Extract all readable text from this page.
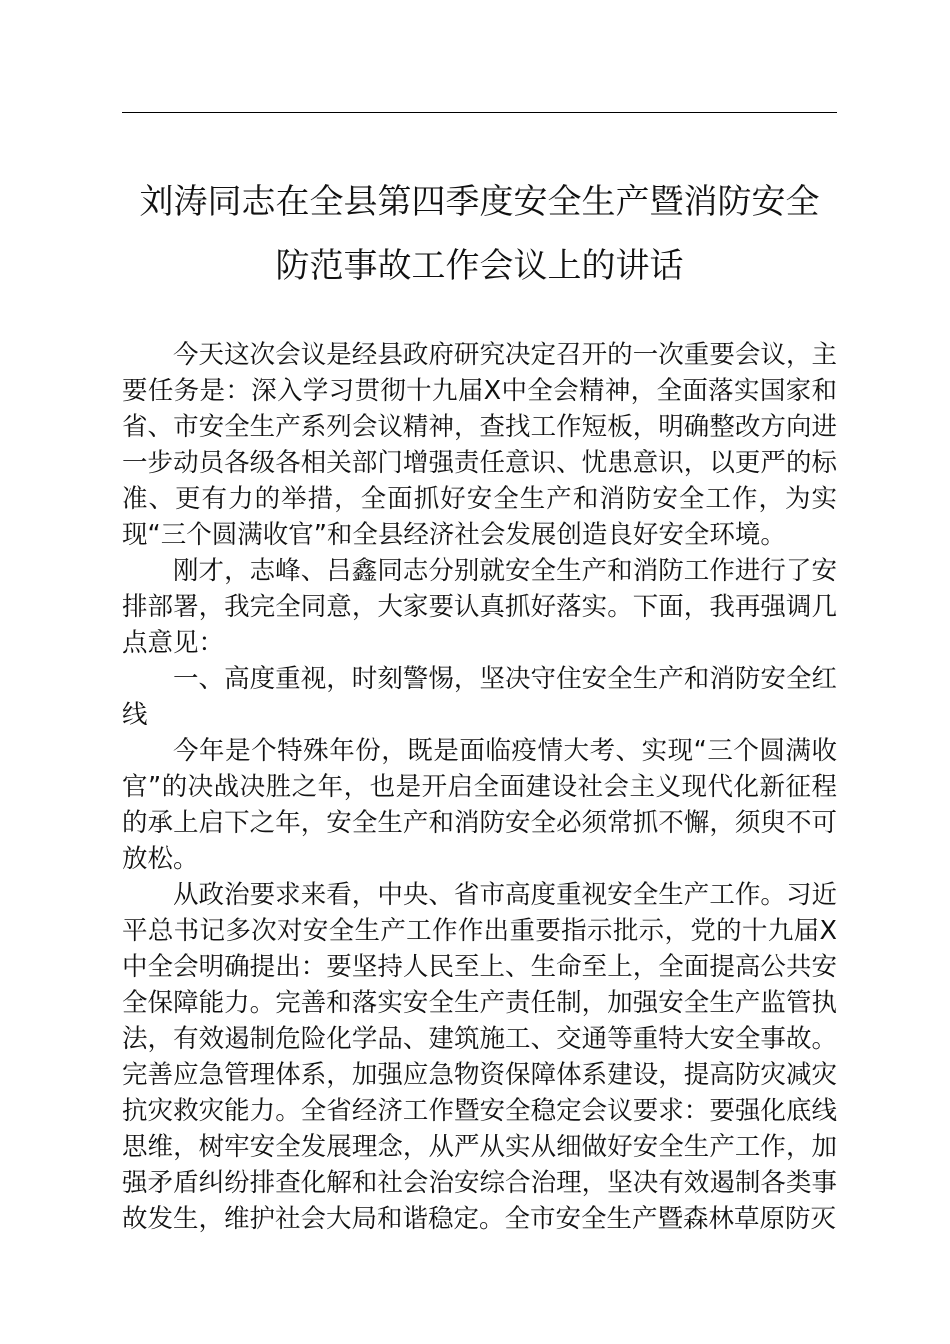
刘涛同志在全县第四季度安全生产暨消防安全
防范事故工作会议上的讲话

今天这次会议是经县政府研究决定召开的一次重要会议，主要任务是：深入学习贯彻十九届X中全会精神，全面落实国家和省、市安全生产系列会议精神，查找工作短板，明确整改方向进一步动员各级各相关部门增强责任意识、忧患意识，以更严的标准、更有力的举措，全面抓好安全生产和消防安全工作，为实现“三个圆满收官”和全县经济社会发展创造良好安全环境。

刚才，志峰、吕鑫同志分别就安全生产和消防工作进行了安排部署，我完全同意，大家要认真抓好落实。下面，我再强调几点意见：

一、高度重视，时刻警惕，坚决守住安全生产和消防安全红线

今年是个特殊年份，既是面临疫情大考、实现“三个圆满收官”的决战决胜之年，也是开启全面建设社会主义现代化新征程的承上启下之年，安全生产和消防安全必须常抓不懈，须臾不可放松。

从政治要求来看，中央、省市高度重视安全生产工作。习近平总书记多次对安全生产工作作出重要指示批示，党的十九届X中全会明确提出：要坚持人民至上、生命至上，全面提高公共安全保障能力。完善和落实安全生产责任制，加强安全生产监管执法，有效遏制危险化学品、建筑施工、交通等重特大安全事故。完善应急管理体系，加强应急物资保障体系建设，提高防灾减灾抗灾救灾能力。全省经济工作暨安全稳定会议要求：要强化底线思维，树牢安全发展理念，从严从实从细做好安全生产工作，加强矛盾纠纷排查化解和社会治安综合治理，坚决有效遏制各类事故发生，维护社会大局和谐稳定。全市安全生产暨森林草原防灭
